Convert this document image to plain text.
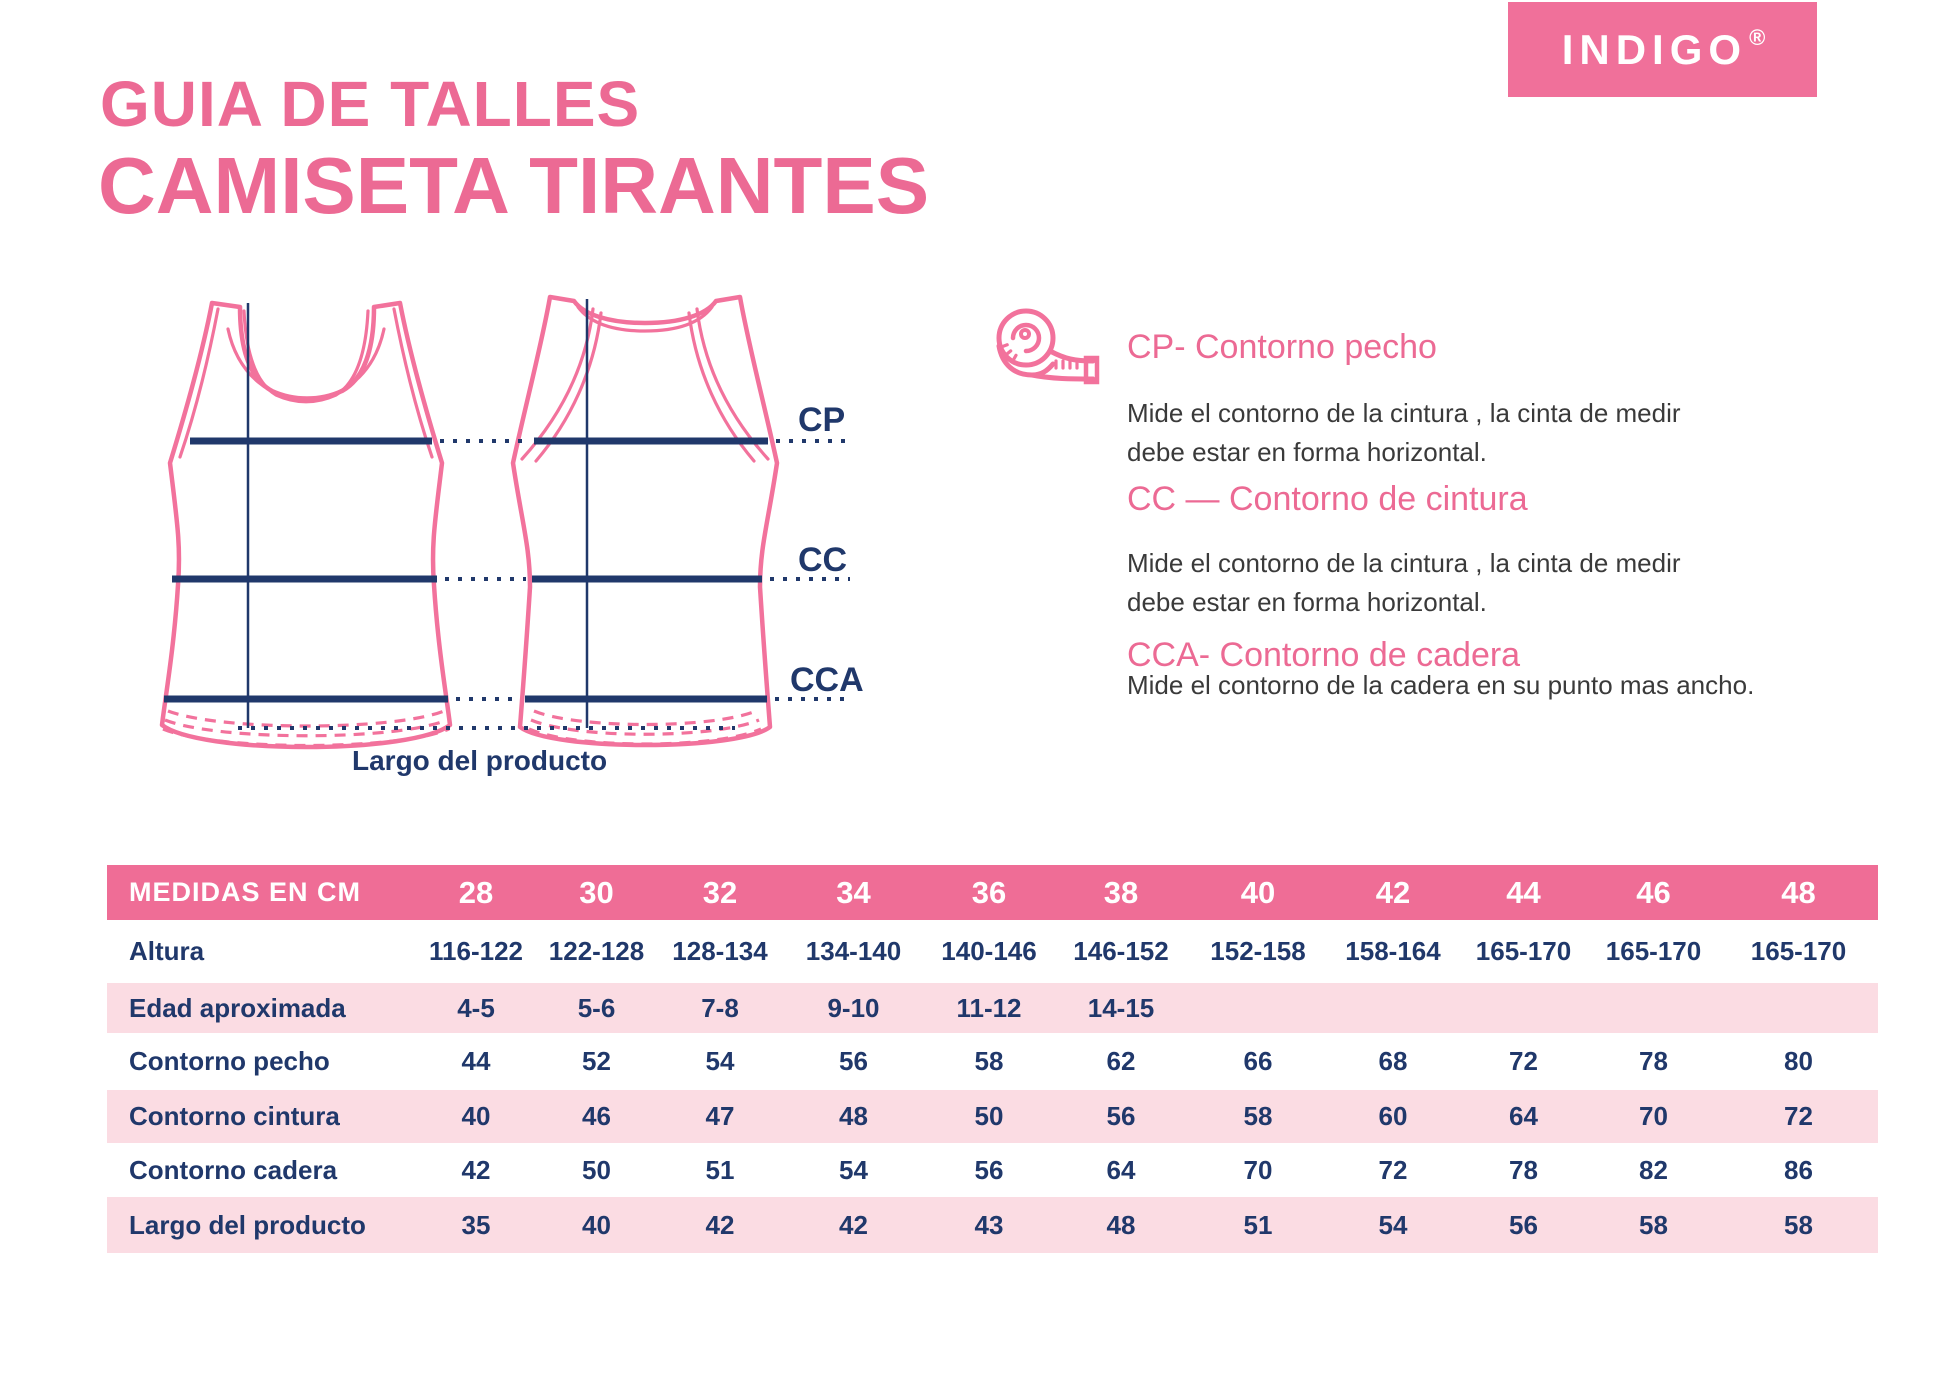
INDIGO ®
GUIA DE TALLES
CAMISETA TIRANTES
CP
CC
CCA
Largo del producto
CP- Contorno pecho
Mide el contorno de la cintura , la cinta de medir
debe estar en forma horizontal.
CC — Contorno de cintura
Mide el contorno de la cintura , la cinta de medir
debe estar en forma horizontal.
CCA- Contorno de cadera
Mide el contorno de la cadera en su punto mas ancho.
MEDIDAS EN CM	28	30	32	34	36	38	40	42	44	46	48
Altura	116-122 122-128	128-134	134-140	140-146	146-152	152-158	158-164	165-170	165-170	165-170
Edad aproximada	4-5	5-6	7-8	9-10	11-12	14-15
Contorno pecho	44	52	54	56	58	62	66	68	72	78	80
Contorno cintura	40	46	47	48	50	56	58	60	64	70	72
Contorno cadera	42	50	51	54	56	64	70	72	78	82	86
Largo del producto	35	40	42	42	43	48	51	54	56	58	58
